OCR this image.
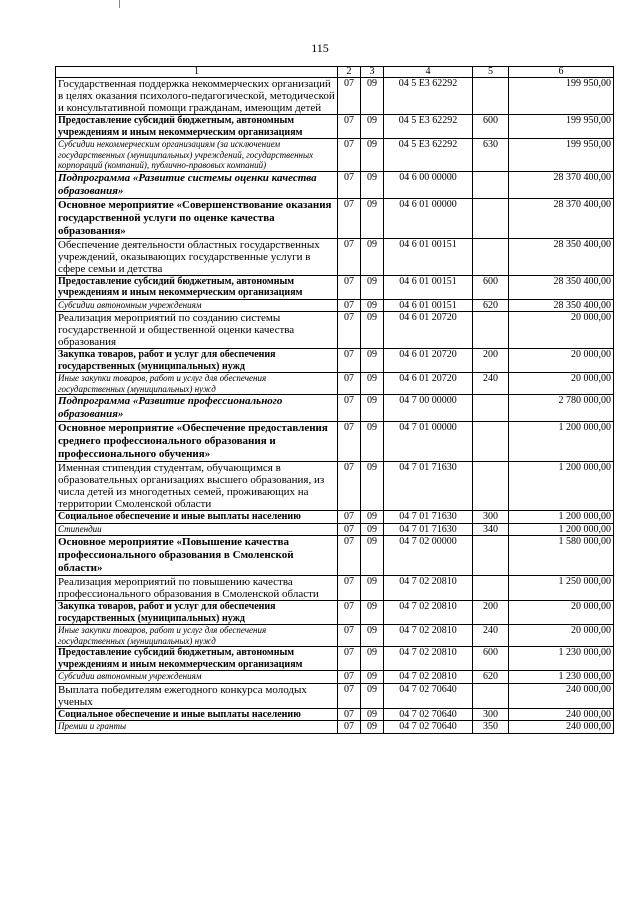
115
1	2	3	4	5	6
Государственная поддержка некоммерческих организаций в целях оказания психолого-педагогической, методической и консультативной помощи гражданам, имеющим детей	07	09	04 5 Е3 62292		199 950,00
Предоставление субсидий бюджетным, автономным учреждениям и иным некоммерческим организациям	07	09	04 5 Е3 62292	600	199 950,00
Субсидии некоммерческим организациям (за исключением государственных (муниципальных) учреждений, государственных корпораций (компаний), публично-правовых компаний)	07	09	04 5 Е3 62292	630	199 950,00
Подпрограмма «Развитие системы оценки качества образования»	07	09	04 6 00 00000		28 370 400,00
Основное мероприятие «Совершенствование оказания государственной услуги по оценке качества образования»	07	09	04 6 01 00000		28 370 400,00
Обеспечение деятельности областных государственных учреждений, оказывающих государственные услуги в сфере семьи и детства	07	09	04 6 01 00151		28 350 400,00
Предоставление субсидий бюджетным, автономным учреждениям и иным некоммерческим организациям	07	09	04 6 01 00151	600	28 350 400,00
Субсидии автономным учреждениям	07	09	04 6 01 00151	620	28 350 400,00
Реализация мероприятий по созданию системы государственной и общественной оценки качества образования	07	09	04 6 01 20720		20 000,00
Закупка товаров, работ и услуг для обеспечения государственных (муниципальных) нужд	07	09	04 6 01 20720	200	20 000,00
Иные закупки товаров, работ и услуг для обеспечения государственных (муниципальных) нужд	07	09	04 6 01 20720	240	20 000,00
Подпрограмма «Развитие профессионального образования»	07	09	04 7 00 00000		2 780 000,00
Основное мероприятие «Обеспечение предоставления среднего профессионального образования и профессионального обучения»	07	09	04 7 01 00000		1 200 000,00
Именная стипендия студентам, обучающимся в образовательных организациях высшего образования, из числа детей из многодетных семей, проживающих на территории Смоленской области	07	09	04 7 01 71630		1 200 000,00
Социальное обеспечение и иные выплаты населению	07	09	04 7 01 71630	300	1 200 000,00
Стипендии	07	09	04 7 01 71630	340	1 200 000,00
Основное мероприятие «Повышение качества профессионального образования в Смоленской области»	07	09	04 7 02 00000		1 580 000,00
Реализация мероприятий по повышению качества профессионального образования в Смоленской области	07	09	04 7 02 20810		1 250 000,00
Закупка товаров, работ и услуг для обеспечения государственных (муниципальных) нужд	07	09	04 7 02 20810	200	20 000,00
Иные закупки товаров, работ и услуг для обеспечения государственных (муниципальных) нужд	07	09	04 7 02 20810	240	20 000,00
Предоставление субсидий бюджетным, автономным учреждениям и иным некоммерческим организациям	07	09	04 7 02 20810	600	1 230 000,00
Субсидии автономным учреждениям	07	09	04 7 02 20810	620	1 230 000,00
Выплата победителям ежегодного конкурса молодых ученых	07	09	04 7 02 70640		240 000,00
Социальное обеспечение и иные выплаты населению	07	09	04 7 02 70640	300	240 000,00
Премии и гранты	07	09	04 7 02 70640	350	240 000,00
